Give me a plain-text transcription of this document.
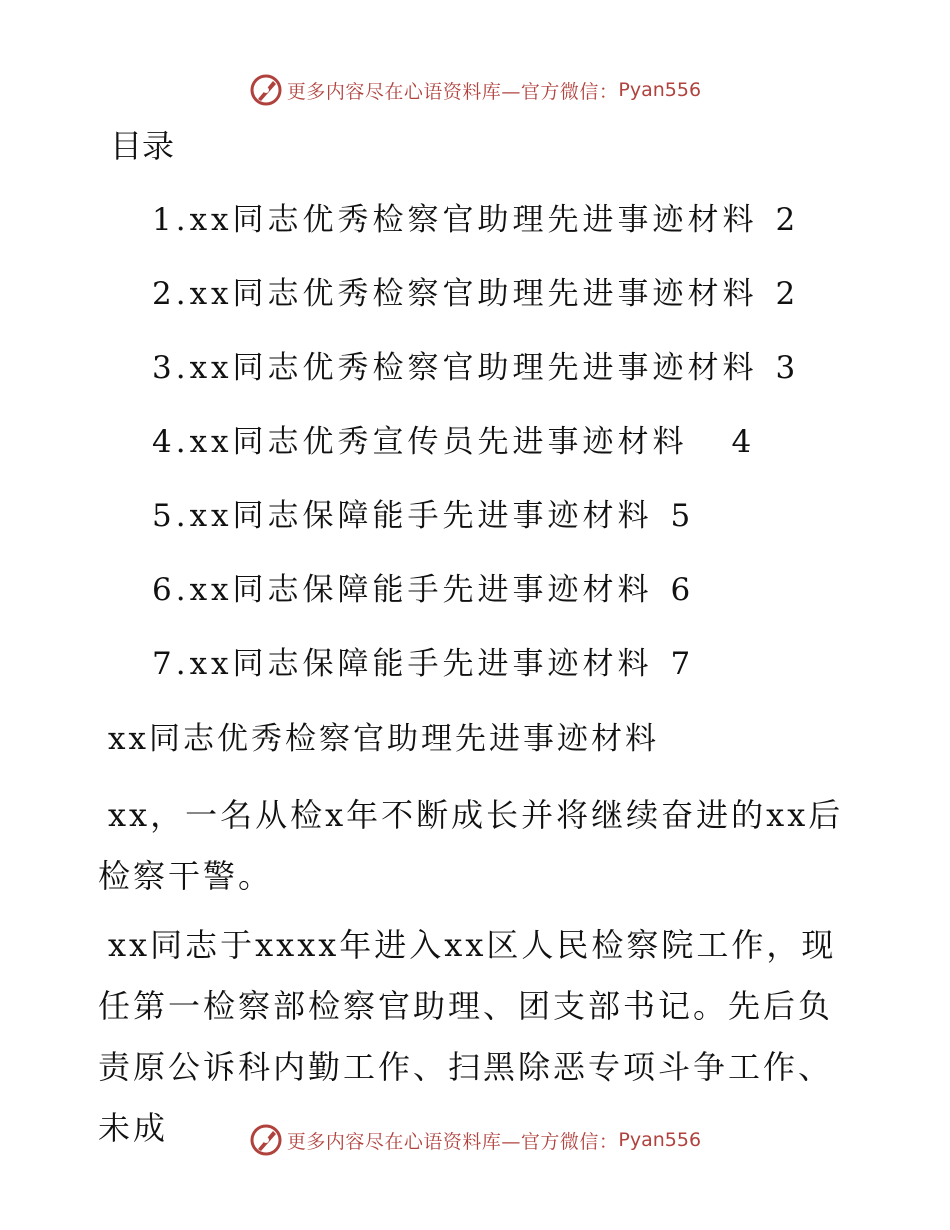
更多内容尽在心语资料库—官方微信： Pyan556
目录
1.xx同志优秀检察官助理先进事迹材料 2
2.xx同志优秀检察官助理先进事迹材料 2
3.xx同志优秀检察官助理先进事迹材料 3
4.xx同志优秀宣传员先进事迹材料 4
5.xx同志保障能手先进事迹材料 5
6.xx同志保障能手先进事迹材料 6
7.xx同志保障能手先进事迹材料 7
xx同志优秀检察官助理先进事迹材料

xx，一名从检x年不断成长并将继续奋进的xx后检察干警。

xx同志于xxxx年进入xx区人民检察院工作，现任第一检察部检察官助理、团支部书记。先后负责原公诉科内勤工作、扫黑除恶专项斗争工作、未成	更多内容尽在心语资料库—官方微信： Pyan556
